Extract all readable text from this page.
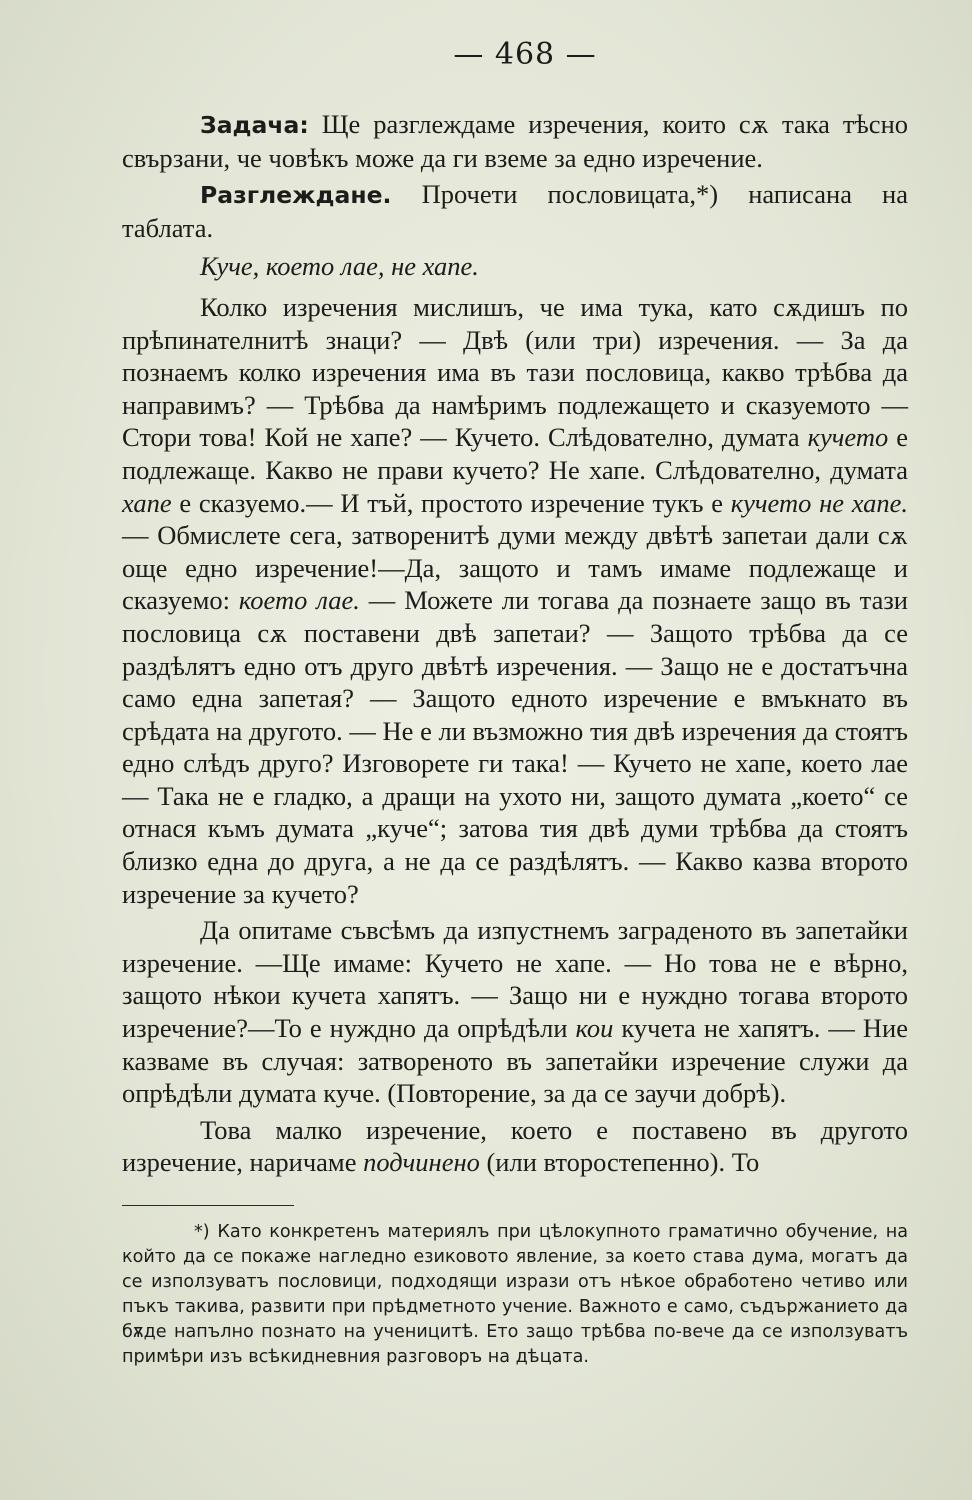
— 468 —

Задача: Ще разглеждаме изречения, които сѫ така тѣсно свързани, че човѣкъ може да ги вземе за едно изречение.

Разглеждане. Прочети пословицата,*) написана на таблата.

Куче, което лае, не хапе.

Колко изречения мислишъ, че има тука, като сѫдишъ по прѣпинателнитѣ знаци? — Двѣ (или три) изречения. — За да познаемъ колко изречения има въ тази пословица, какво трѣбва да направимъ? — Трѣбва да намѣримъ подлежащето и сказуемото — Стори това! Кой не хапе? — Кучето. Слѣдователно, думата кучето е подлежаще. Какво не прави кучето? Не хапе. Слѣдователно, думата хапе е сказуемо.— И тъй, простото изречение тукъ е кучето не хапе. — Обмислете сега, затворенитѣ думи между двѣтѣ запетаи дали сѫ още едно изречение!—Да, защото и тамъ имаме подлежаще и сказуемо: което лае. — Можете ли тогава да познаете защо въ тази пословица сѫ поставени двѣ запетаи? — Защото трѣбва да се раздѣлятъ едно отъ друго двѣтѣ изречения. — Защо не е достатъчна само една запетая? — Защото едното изречение е вмъкнато въ срѣдата на другото. — Не е ли възможно тия двѣ изречения да стоятъ едно слѣдъ друго? Изговорете ги така! — Кучето не хапе, което лае — Така не е гладко, а дращи на ухото ни, защото думата „което“ се отнася къмъ думата „куче“; затова тия двѣ думи трѣбва да стоятъ близко една до друга, а не да се раздѣлятъ. — Какво казва второто изречение за кучето?

Да опитаме съвсѣмъ да изпустнемъ заграденото въ запетайки изречение. —Ще имаме: Кучето не хапе. — Но това не е вѣрно, защото нѣкои кучета хапятъ. — Защо ни е нуждно тогава второто изречение?—То е нуждно да опрѣдѣли кои кучета не хапятъ. — Ние казваме въ случая: затвореното въ запетайки изречение служи да опрѣдѣли думата куче. (Повторение, за да се заучи добрѣ).

Това малко изречение, което е поставено въ другото изречение, наричаме подчинено (или второстепенно). То

*) Като конкретенъ материялъ при цѣлокупното граматично обучение, на който да се покаже нагледно езиковото явление, за което става дума, могатъ да се използуватъ пословици, подходящи изрази отъ нѣкое обработено четиво или пъкъ такива, развити при прѣдметното учение. Важното е само, съдържанието да бѫде напълно познато на ученицитѣ. Ето защо трѣбва по-вече да се използуватъ примѣри изъ всѣкидневния разговоръ на дѣцата.
